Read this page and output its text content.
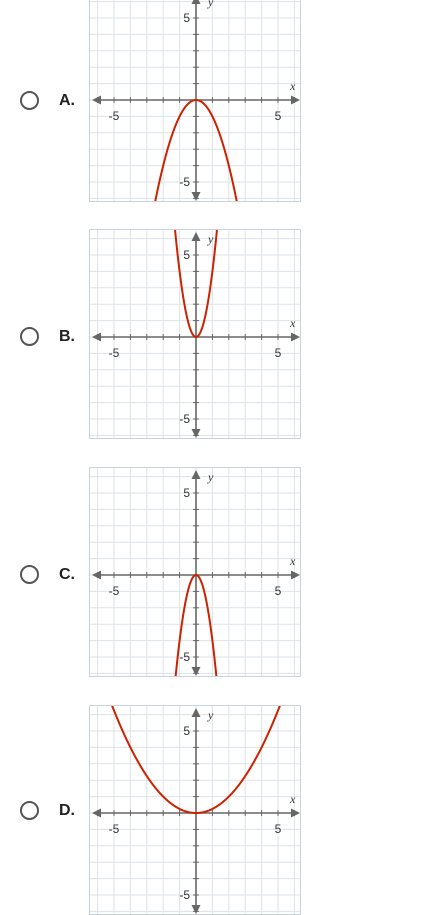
A.
-5	5
5
-5
x
y
B.
-5	5
5
-5
x
y
C.
-5	5
5
-5
x
y
D.
-5	5
5
-5
x
y
